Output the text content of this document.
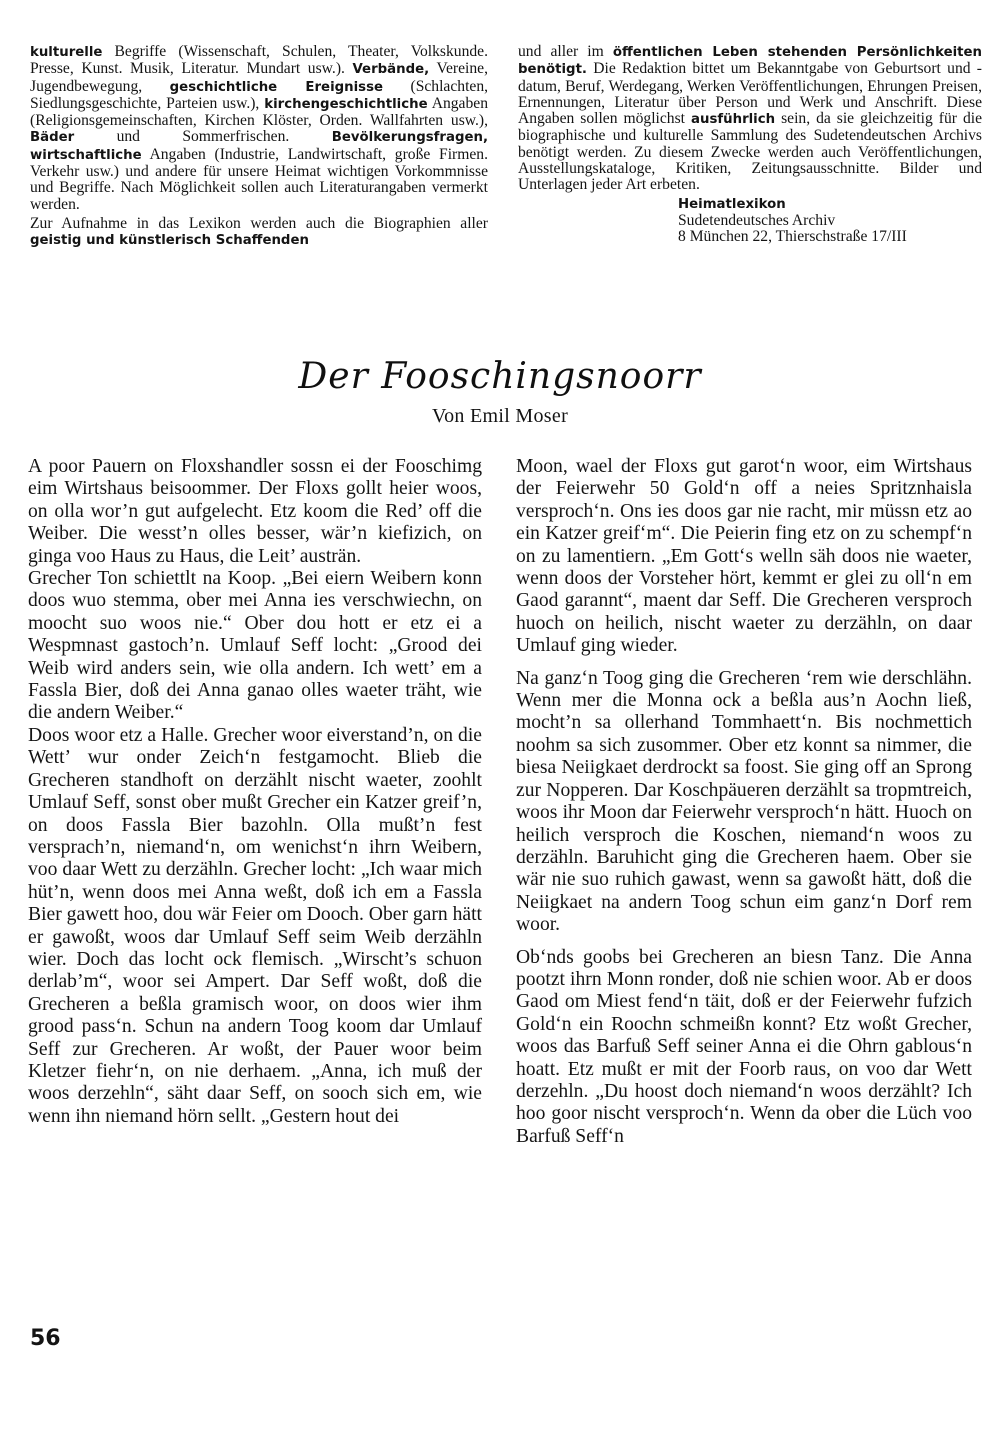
kulturelle Begriffe (Wissenschaft, Schulen, Theater, Volkskunde. Presse, Kunst. Musik, Literatur. Mundart usw.). Verbände, Vereine, Jugendbewegung, geschichtliche Ereignisse (Schlachten, Siedlungsgeschichte, Parteien usw.), kirchengeschichtliche Angaben (Religionsgemeinschaften, Kirchen Klöster, Orden. Wallfahrten usw.), Bäder und Sommerfrischen. Bevölkerungsfragen, wirtschaftliche Angaben (Industrie, Landwirtschaft, große Firmen. Verkehr usw.) und andere für unsere Heimat wichtigen Vorkommnisse und Begriffe. Nach Möglichkeit sollen auch Literaturangaben vermerkt werden.

Zur Aufnahme in das Lexikon werden auch die Biographien aller geistig und künstlerisch Schaffenden

und aller im öffentlichen Leben stehenden Persönlichkeiten benötigt. Die Redaktion bittet um Bekanntgabe von Geburtsort und -datum, Beruf, Werdegang, Werken Veröffentlichungen, Ehrungen Preisen, Ernennungen, Literatur über Person und Werk und Anschrift. Diese Angaben sollen möglichst ausführlich sein, da sie gleichzeitig für die biographische und kulturelle Sammlung des Sudetendeutschen Archivs benötigt werden. Zu diesem Zwecke werden auch Veröffentlichungen, Ausstellungskataloge, Kritiken, Zeitungsausschnitte. Bilder und Unterlagen jeder Art erbeten.

Heimatlexikon
Sudetendeutsches Archiv
8 München 22, Thierschstraße 17/III
Der Fooschingsnoorr
Von Emil Moser

A poor Pauern on Floxshandler sossn ei der Fooschimg eim Wirtshaus beisoommer. Der Floxs gollt heier woos, on olla wor’n gut aufgelecht. Etz koom die Red’ off die Weiber. Die wesst’n olles besser, wär’n kiefizich, on ginga voo Haus zu Haus, die Leit’ austrän.

Grecher Ton schiettlt na Koop. „Bei eiern Weibern konn doos wuo stemma, ober mei Anna ies verschwiechn, on moocht suo woos nie.“ Ober dou hott er etz ei a Wespmnast gastoch’n. Umlauf Seff locht: „Grood dei Weib wird anders sein, wie olla andern. Ich wett’ em a Fassla Bier, doß dei Anna ganao olles waeter träht, wie die andern Weiber.“

Doos woor etz a Halle. Grecher woor eiverstand’n, on die Wett’ wur onder Zeich‘n festgamocht. Blieb die Grecheren standhoft on derzählt nischt waeter, zoohlt Umlauf Seff, sonst ober mußt Grecher ein Katzer greif’n, on doos Fassla Bier bazohln. Olla mußt’n fest versprach’n, niemand‘n, om wenichst‘n ihrn Weibern, voo daar Wett zu derzähln. Grecher locht: „Ich waar mich hüt’n, wenn doos mei Anna weßt, doß ich em a Fassla Bier gawett hoo, dou wär Feier om Dooch. Ober garn hätt er gawoßt, woos dar Umlauf Seff seim Weib derzähln wier. Doch das locht ock flemisch. „Wirscht’s schuon derlab’m“, woor sei Ampert. Dar Seff woßt, doß die Grecheren a beßla gramisch woor, on doos wier ihm grood pass‘n. Schun na andern Toog koom dar Umlauf Seff zur Grecheren. Ar woßt, der Pauer woor beim Kletzer fiehr‘n, on nie derhaem. „Anna, ich muß der woos derzehln“, säht daar Seff, on sooch sich em, wie wenn ihn niemand hörn sellt. „Gestern hout dei

Moon, wael der Floxs gut garot‘n woor, eim Wirtshaus der Feierwehr 50 Gold‘n off a neies Spritznhaisla versproch‘n. Ons ies doos gar nie racht, mir müssn etz ao ein Katzer greif‘m“. Die Peierin fing etz on zu schempf‘n on zu lamentiern. „Em Gott‘s welln säh doos nie waeter, wenn doos der Vorsteher hört, kemmt er glei zu oll‘n em Gaod garannt“, maent dar Seff. Die Grecheren versproch huoch on heilich, nischt waeter zu derzähln, on daar Umlauf ging wieder.

Na ganz‘n Toog ging die Grecheren ‘rem wie derschlähn. Wenn mer die Monna ock a beßla aus’n Aochn ließ, mocht’n sa ollerhand Tommhaett‘n. Bis nochmettich noohm sa sich zusommer. Ober etz konnt sa nimmer, die biesa Neiigkaet derdrockt sa foost. Sie ging off an Sprong zur Nopperen. Dar Koschpäueren derzählt sa tropmtreich, woos ihr Moon dar Feierwehr versproch‘n hätt. Huoch on heilich versproch die Koschen, niemand‘n woos zu derzähln. Baruhicht ging die Grecheren haem. Ober sie wär nie suo ruhich gawast, wenn sa gawoßt hätt, doß die Neiigkaet na andern Toog schun eim ganz‘n Dorf rem woor.

Ob‘nds goobs bei Grecheren an biesn Tanz. Die Anna pootzt ihrn Monn ronder, doß nie schien woor. Ab er doos Gaod om Miest fend‘n täit, doß er der Feierwehr fufzich Gold‘n ein Roochn schmeißn konnt? Etz woßt Grecher, woos das Barfuß Seff seiner Anna ei die Ohrn gablous‘n hoatt. Etz mußt er mit der Foorb raus, on voo dar Wett derzehln. „Du hoost doch niemand‘n woos derzählt? Ich hoo goor nischt versproch‘n. Wenn da ober die Lüch voo Barfuß Seff‘n

56
